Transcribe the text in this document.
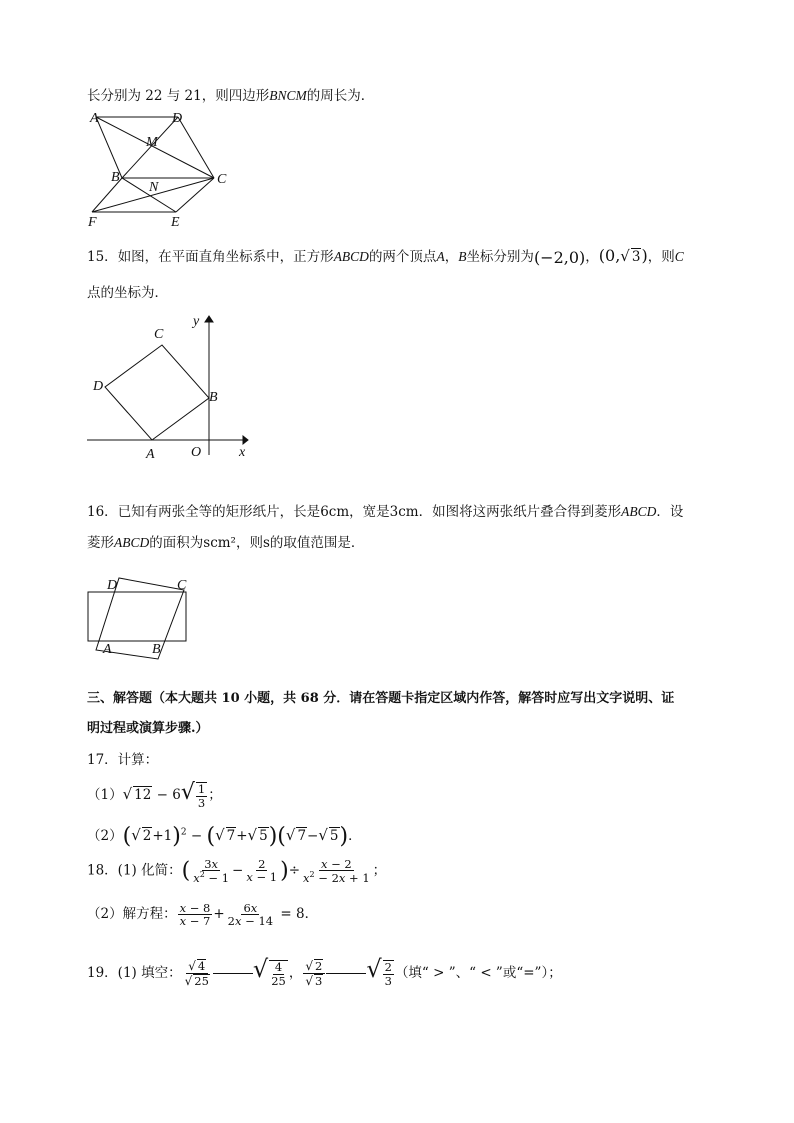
长分别为 22 与 21，则四边形BNCM的周长为．
A	D
M
B	C
N
F	E
15．如图，在平面直角坐标系中，正方形ABCD的两个顶点A，B坐标分别为(−2,0)，(0,√ 3)，则C
点的坐标为．
y
C
D
B
A	O	x
16．已知有两张全等的矩形纸片，长是6cm，宽是3cm．如图将这两张纸片叠合得到菱形ABCD．设
菱形ABCD的面积为scm²，则s的取值范围是．
D	C
A	B
三、解答题（本大题共 10 小题，共 68 分．请在答题卡指定区域内作答，解答时应写出文字说明、证
明过程或演算步骤.）
17．计算：
（1）√ $12 - 6√ \frac{1}{3}$ ；
（2）(√ 2+1)$^2$ − (√ 7+√ 5)(√ 7−√ 5)．
18．(1) 化简：( $\frac{3x}{x^2 - 1} - \frac{2}{x - 1}$ )÷ $\frac{x - 2}{x^2 - 2x + 1}$ ；
（2）解方程： $\frac{x - 8}{x - 7} + \frac{6x}{2x - 14} = 8$．
19．(1) 填空： $\frac{√ 4}{√ 25}$ √ $\frac{4}{25}$ ， $\frac{√ 2}{√ 3}$ √ $\frac{2}{3}$ （填“ > ”、“ < ”或“=”）；
